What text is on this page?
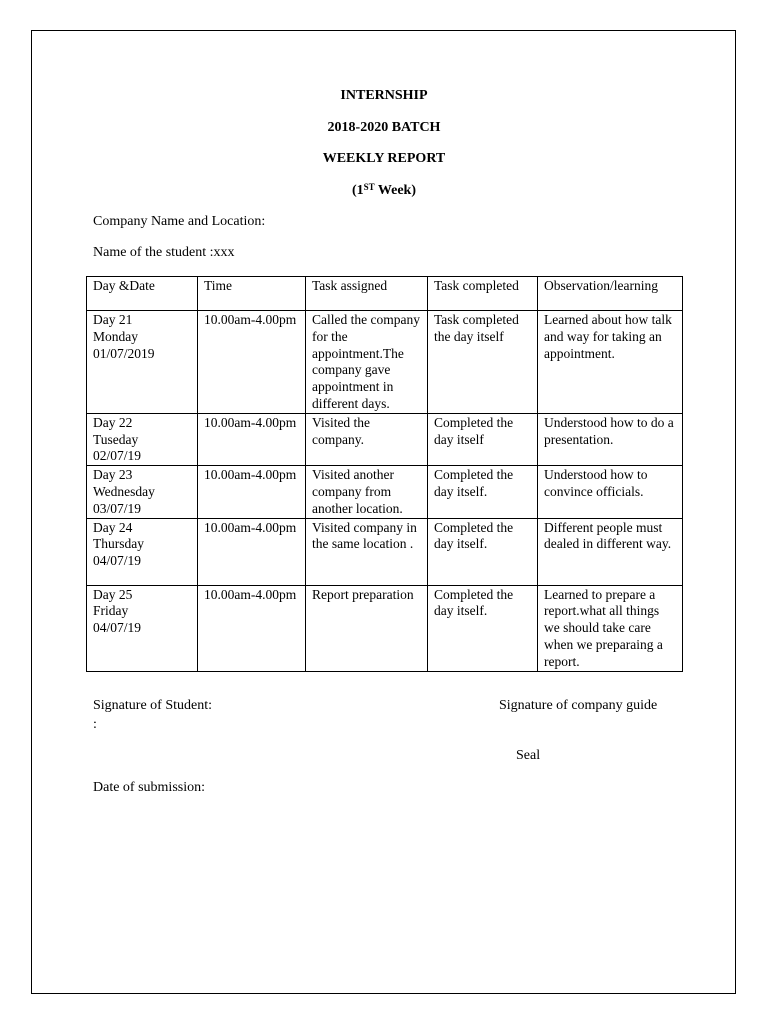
INTERNSHIP
2018-2020 BATCH
WEEKLY REPORT
(1ST Week)
Company Name and Location:
Name of the student :xxx
Day &Date	Time	Task assigned	Task completed	Observation/learning

Day 21
Monday
01/07/2019	10.00am-4.00pm	Called the company for the appointment.The company gave appointment in different days.	Task completed the day itself	Learned about how talk and way for taking an appointment.

Day 22
Tuseday
02/07/19	10.00am-4.00pm	Visited the company.	Completed the day itself	Understood how to do a presentation.

Day 23
Wednesday
03/07/19	10.00am-4.00pm	Visited another company from another location.	Completed the day itself.	Understood how to convince officials.

Day 24
Thursday
04/07/19	10.00am-4.00pm	Visited company in the same location .	Completed the day itself.	Different people must dealed in different way.

Day 25
Friday
04/07/19	10.00am-4.00pm	Report preparation	Completed the day itself.	Learned to prepare a report.what all things we should take care when we preparaing a report.
Signature of Student:
:
Signature of company guide
Seal
Date of submission:
